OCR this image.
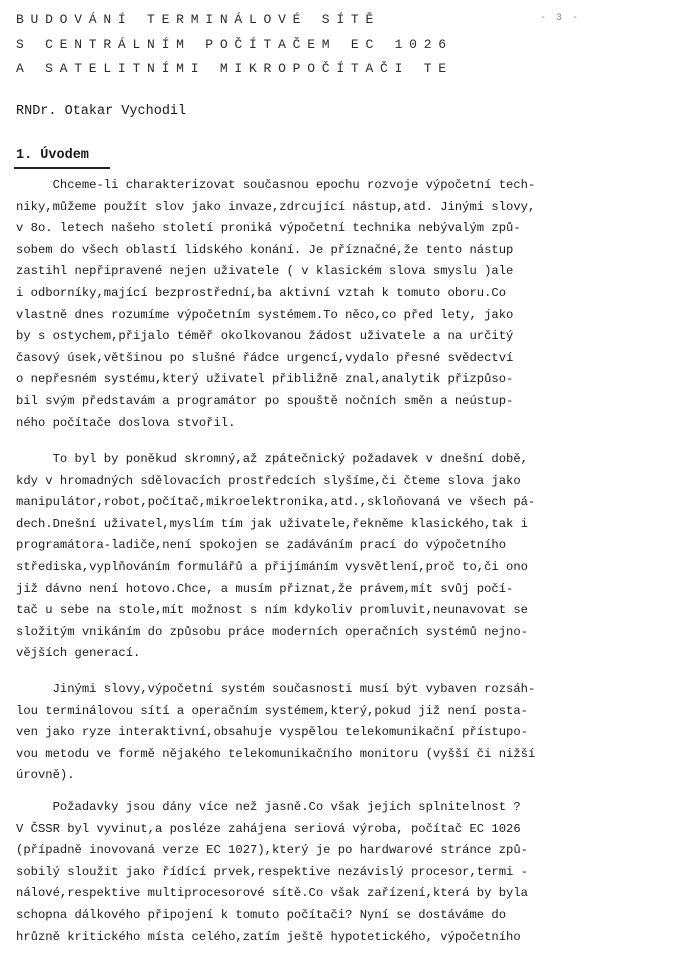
BUDOVÁNÍ TERMINÁLOVÉ SÍTĚ
S CENTRÁLNÍM POČÍTAČEM EC 1026
A SATELITNÍMI MIKROPOČÍTAČI TE
- 3 -
RNDr. Otakar Vychodil
1. Úvodem
Chceme-li charakterizovat současnou epochu rozvoje výpočetní tech-
niky,můžeme použít slov jako invaze,zdrcující nástup,atd. Jinými slovy,
v 8o. letech našeho století proniká výpočetní technika nebývalým způ-
sobem do všech oblastí lidského konání. Je příznačné,že tento nástup
zastihl nepřipravené nejen uživatele ( v klasickém slova smyslu )ale
i odborníky,mající bezprostřední,ba aktivní vztah k tomuto oboru.Co
vlastně dnes rozumíme výpočetním systémem.To něco,co před lety, jako
by s ostychem,přijalo téměř okolkovanou žádost uživatele a na určitý
časový úsek,většinou po slušné řádce urgencí,vydalo přesné svědectví
o nepřesném systému,který uživatel přibližně znal,analytik přizpůso-
bil svým představám a programátor po spouště nočních směn a neústup-
ného počítače doslova stvořil.
To byl by poněkud skromný,až zpátečnický požadavek v dnešní době,
kdy v hromadných sdělovacích prostředcích slyšíme,či čteme slova jako
manipulátor,robot,počítač,mikroelektronika,atd.,skloňovaná ve všech pá-
dech.Dnešní uživatel,myslím tím jak uživatele,řekněme klasického,tak i
programátora-ladiče,není spokojen se zadáváním prací do výpočetního
střediska,vyplňováním formulářů a přijímáním vysvětlení,proč to,či ono
již dávno není hotovo.Chce, a musím přiznat,že právem,mít svůj počí-
tač u sebe na stole,mít možnost s ním kdykoliv promluvit,neunavovat se
složitým vnikáním do způsobu práce moderních operačních systémů nejno-
vějších generací.
Jinými slovy,výpočetní systém současnosti musí být vybaven rozsáh-
lou terminálovou sítí a operačním systémem,který,pokud již není posta-
ven jako ryze interaktivní,obsahuje vyspělou telekomunikační přístupo-
vou metodu ve formě nějakého telekomunikačního monitoru (vyšší či nižší
úrovně).
Požadavky jsou dány více než jasně.Co však jejich splnitelnost ?
V ČSSR byl vyvinut,a posléze zahájena seriová výroba, počítač EC 1026
(případně inovovaná verze EC 1027),který je po hardwarové stránce způ-
sobilý sloužit jako řídící prvek,respektive nezávislý procesor,termi -
nálové,respektive multiprocesorové sítě.Co však zařízení,která by byla
schopna dálkového připojení k tomuto počítači? Nyní se dostáváme do
hrůzně kritického místa celého,zatím ještě hypotetického, výpočetního
